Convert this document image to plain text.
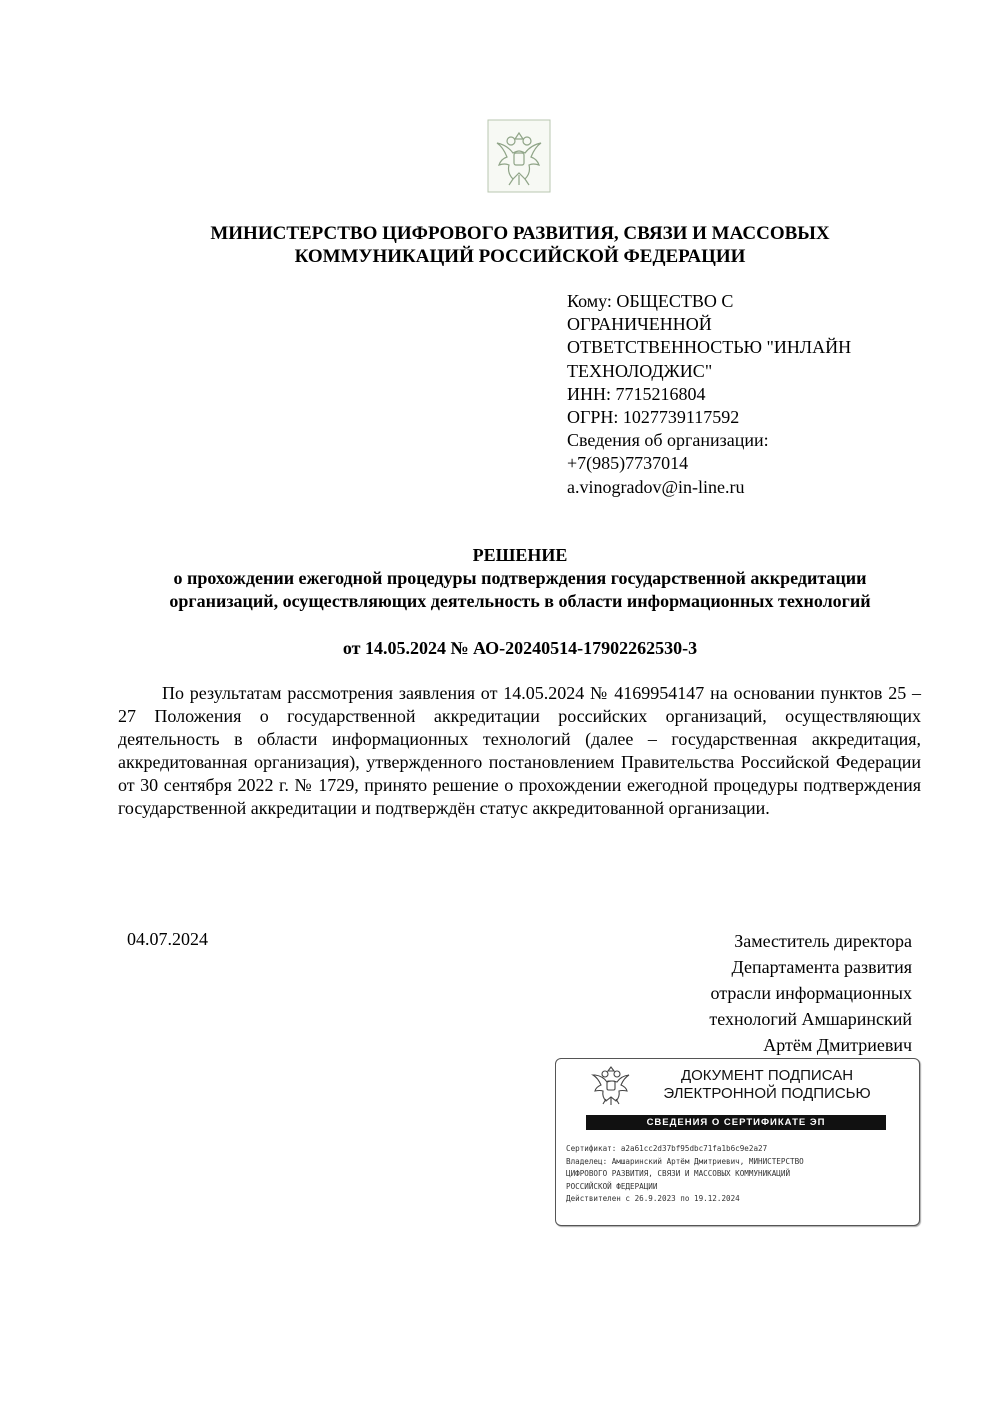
МИНИСТЕРСТВО ЦИФРОВОГО РАЗВИТИЯ, СВЯЗИ И МАССОВЫХ
КОММУНИКАЦИЙ РОССИЙСКОЙ ФЕДЕРАЦИИ
Кому: ОБЩЕСТВО С
ОГРАНИЧЕННОЙ
ОТВЕТСТВЕННОСТЬЮ "ИНЛАЙН
ТЕХНОЛОДЖИС"
ИНН: 7715216804
ОГРН: 1027739117592
Сведения об организации:
+7(985)7737014
a.vinogradov@in-line.ru
РЕШЕНИЕ
о прохождении ежегодной процедуры подтверждения государственной аккредитации
организаций, осуществляющих деятельность в области информационных технологий
от 14.05.2024 № АО-20240514-17902262530-3
По результатам рассмотрения заявления от 14.05.2024 № 4169954147 на основании пунктов 25 – 27 Положения о государственной аккредитации российских организаций, осуществляющих деятельность в области информационных технологий (далее – государственная аккредитация, аккредитованная организация), утвержденного постановлением Правительства Российской Федерации от 30 сентября 2022 г. № 1729, принято решение о прохождении ежегодной процедуры подтверждения государственной аккредитации и подтверждён статус аккредитованной организации.
04.07.2024	Заместитель директора
Департамента развития
отрасли информационных
технологий Амшаринский
Артём Дмитриевич
ДОКУМЕНТ ПОДПИСАН
ЭЛЕКТРОННОЙ ПОДПИСЬЮ
СВЕДЕНИЯ О СЕРТИФИКАТЕ ЭП
Сертификат: a2a61cc2d37bf95dbc71fa1b6c9e2a27
Владелец: Амшаринский Артём Дмитриевич, МИНИСТЕРСТВО
ЦИФРОВОГО РАЗВИТИЯ, СВЯЗИ И МАССОВЫХ КОММУНИКАЦИЙ
РОССИЙСКОЙ ФЕДЕРАЦИИ
Действителен с 26.9.2023 по 19.12.2024
